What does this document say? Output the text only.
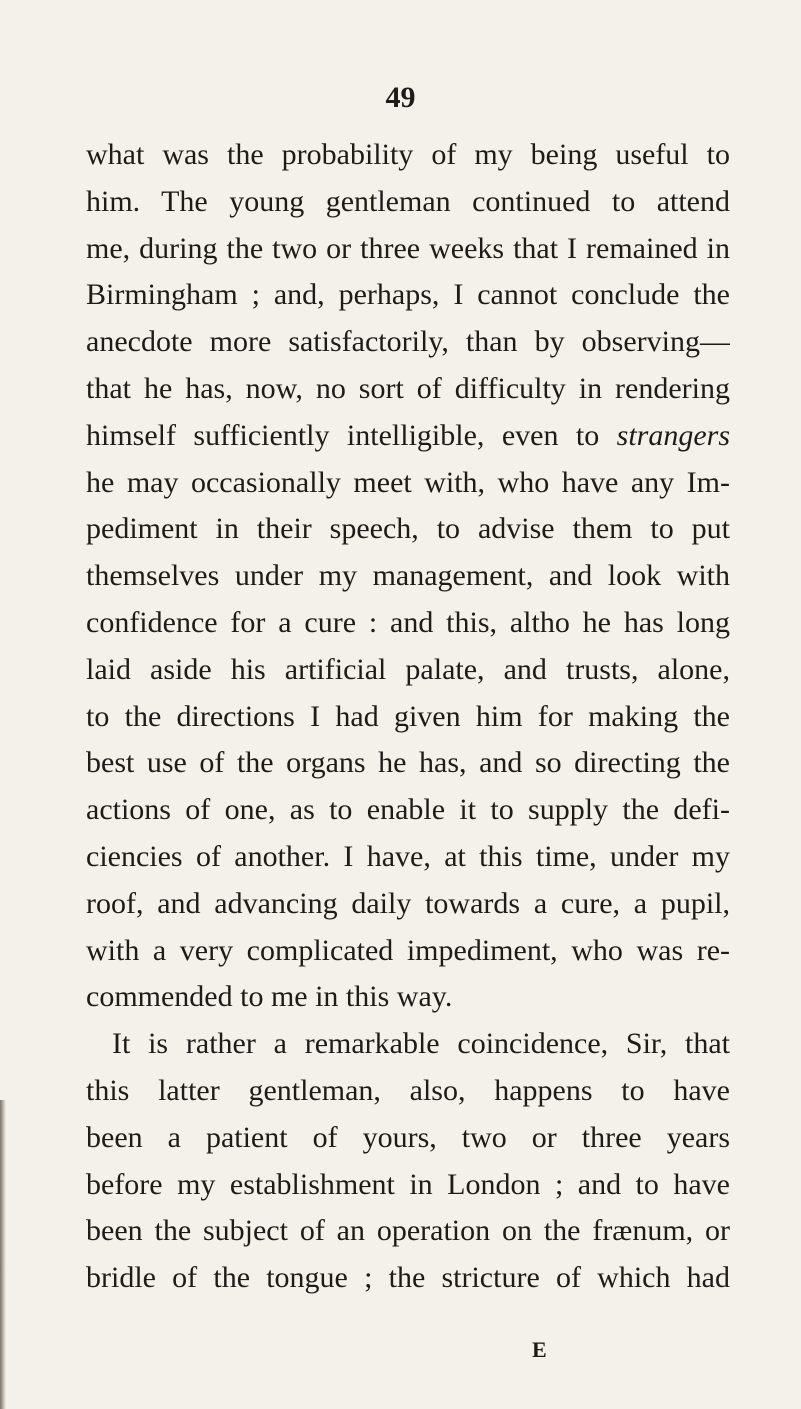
49
what was the probability of my being useful to
him. The young gentleman continued to attend
me, during the two or three weeks that I remained in
Birmingham ; and, perhaps, I cannot conclude the
anecdote more satisfactorily, than by observing—
that he has, now, no sort of difficulty in rendering
himself sufficiently intelligible, even to strangers
he may occasionally meet with, who have any Im-
pediment in their speech, to advise them to put
themselves under my management, and look with
confidence for a cure : and this, altho he has long
laid aside his artificial palate, and trusts, alone,
to the directions I had given him for making the
best use of the organs he has, and so directing the
actions of one, as to enable it to supply the defi-
ciencies of another. I have, at this time, under my
roof, and advancing daily towards a cure, a pupil,
with a very complicated impediment, who was re-
commended to me in this way.
It is rather a remarkable coincidence, Sir, that
this latter gentleman, also, happens to have
been a patient of yours, two or three years
before my establishment in London ; and to have
been the subject of an operation on the frænum, or
bridle of the tongue ; the stricture of which had
E
